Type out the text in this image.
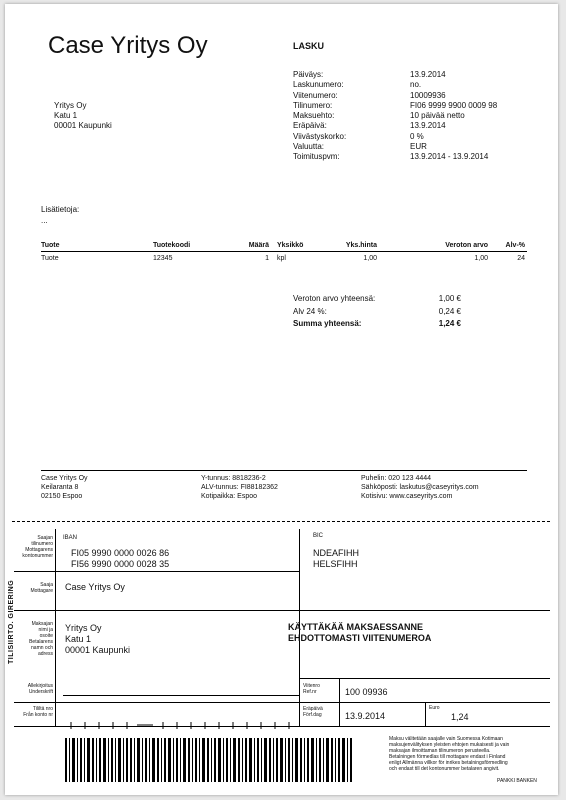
Case Yritys Oy	LASKU
Päiväys:	13.9.2014
Laskunumero:	no.
Viitenumero:	10009936
Tilinumero:	FI06 9999 9900 0009 98
Maksuehto:	10 päivää netto
Eräpäivä:	13.9.2014
Viivästyskorko:	0 %
Valuutta:	EUR
Toimituspvm:	13.9.2014 - 13.9.2014
Yritys Oy
Katu 1
00001 Kaupunki
Lisätietoja:
...
Tuote	Tuotekoodi	Määrä Yksikkö	Yks.hinta	Veroton arvo	Alv-%
Tuote	12345	1 kpl	1,00	1,00	24
Veroton arvo yhteensä:	1,00 €
Alv 24 %:	0,24 €
Summa yhteensä:	1,24 €
Case Yritys Oy
Keilaranta 8
02150 Espoo
Y-tunnus: 8818236-2
ALV-tunnus: FI88182362
Kotipaikka: Espoo
Puhelin: 020 123 4444
Sähköposti: laskutus@caseyritys.com
Kotisivu: www.caseyritys.com
TILISIIRTO. GIRERING
Saajan
tilinumero
Mottagarens
kontonummer
IBAN
FI05 9990 0000 0026 86
FI56 9990 0000 0028 35
BIC
NDEAFIHH
HELSFIHH
Saaja
Mottagare Case Yritys Oy
Maksajan
nimi ja
osoite
Betalarens
namn och
adress
Yritys Oy
Katu 1
00001 Kaupunki
KÄYTTÄKÄÄ MAKSAESSANNE
EHDOTTOMASTI VIITENUMEROA
Allekirjoitus
Underskrift
Viitenro
Ref.nr	100 09936
Tililtä nro
Från konto nr
Eräpäivä
Förf.dag	13.9.2014
Euro
1,24
Maksu välitetään saajalle vain Suomessa Kotimaan
maksujenvälityksen yleisten ehtojen mukaisesti ja vain
maksajan ilmoittaman tilinumeron perusteella.
Betalningen förmedlas till mottagare endast i Finland
enligt Allmänna villkor för inrikes betalningsförmedling
och endast till det kontonummer betalaren angivit.
PANKKI BANKEN
